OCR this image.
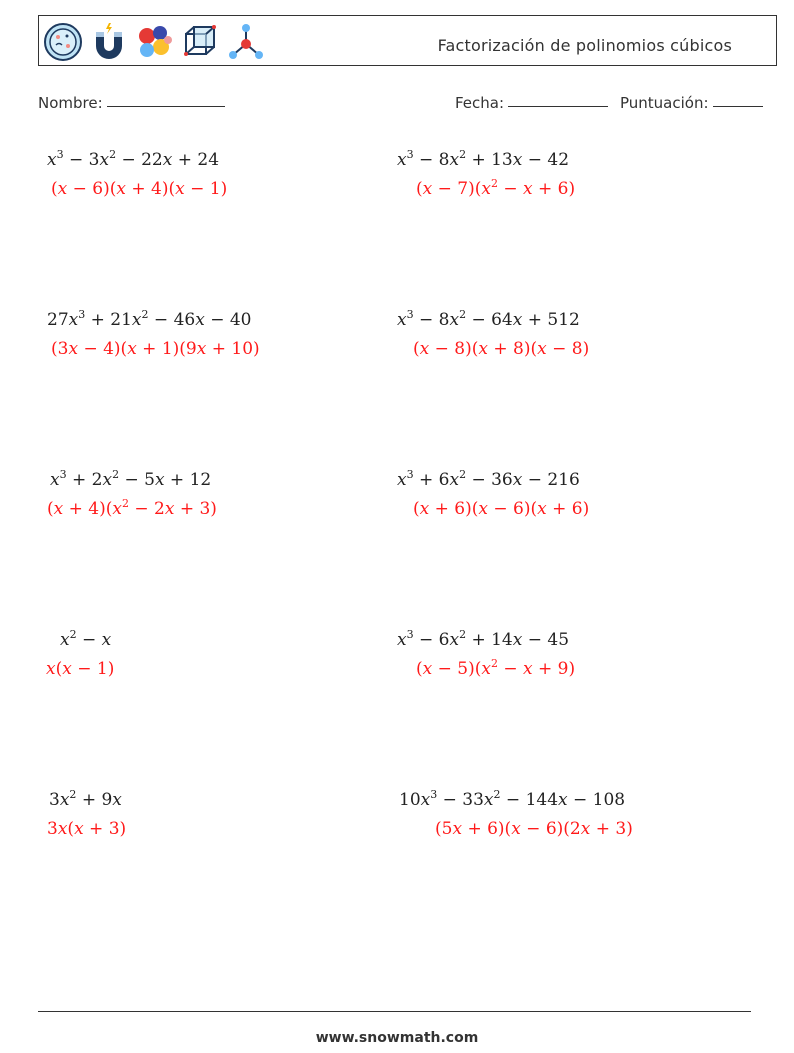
Factorización de polinomios cúbicos
Nombre:	Fecha:	Puntuación:
$x^3 - 3x^2 - 22x + 24$
(x − 6)(x + 4)(x − 1)
$x^3 - 8x^2 + 13x - 42$
$(x - 7)(x^2 - x + 6)$
$27x^3 + 21x^2 - 46x - 40$
(3x − 4)(x + 1)(9x + 10)
$x^3 - 8x^2 - 64x + 512$
(x − 8)(x + 8)(x − 8)
$x^3 + 2x^2 - 5x + 12$
$(x + 4)(x^2 - 2x + 3)$
$x^3 + 6x^2 - 36x - 216$
(x + 6)(x − 6)(x + 6)
$x^2 - x$
x(x − 1)
$x^3 - 6x^2 + 14x - 45$
$(x - 5)(x^2 - x + 9)$
$3x^2 + 9x$
3x(x + 3)
$10x^3 - 33x^2 - 144x - 108$
(5x + 6)(x − 6)(2x + 3)
www.snowmath.com
